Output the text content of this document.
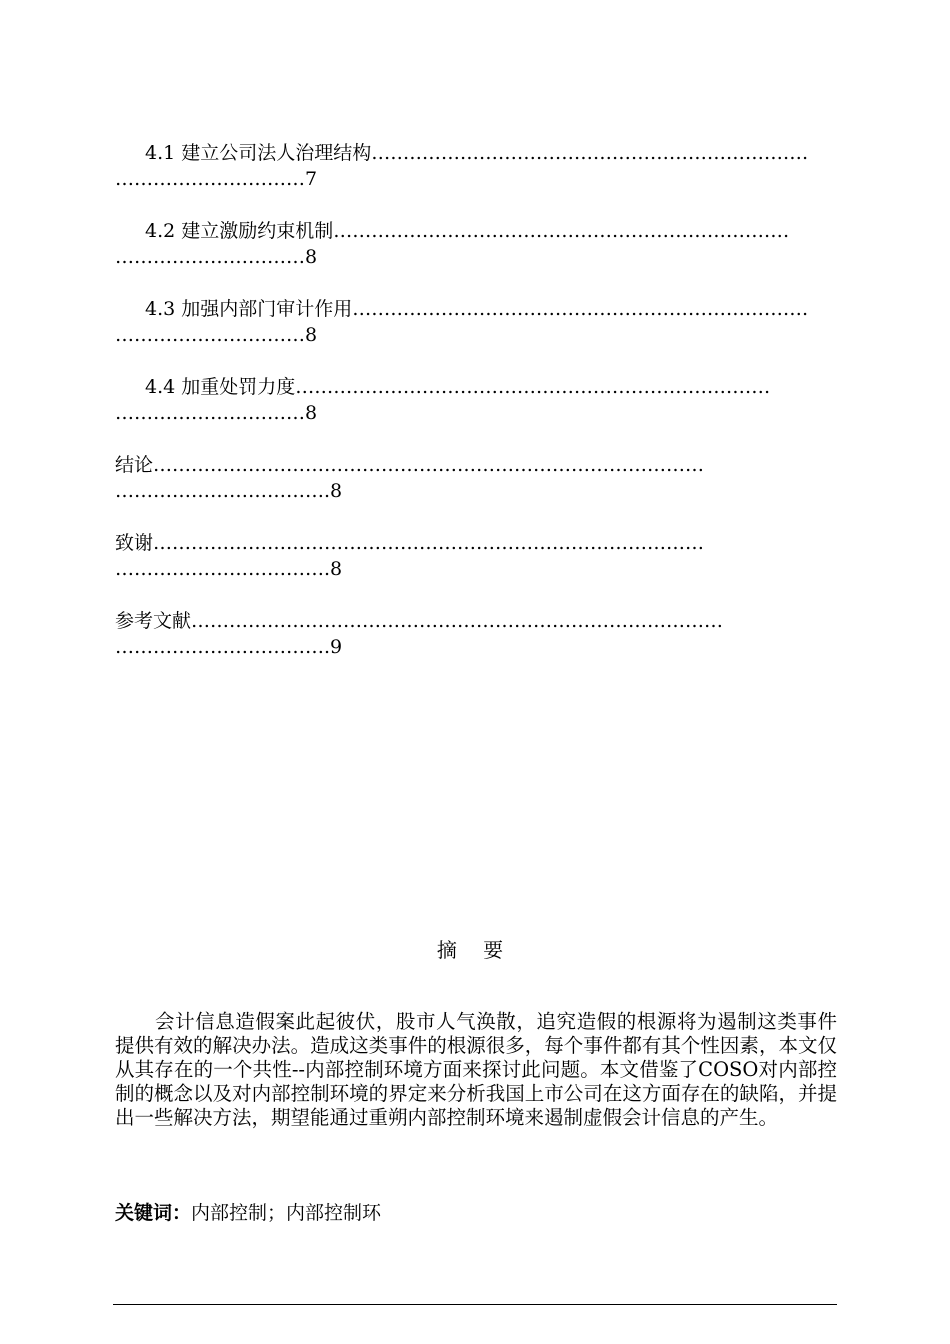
4.1 建立公司法人治理结构……………………………………………………………
…………………………7
4.2 建立激励约束机制………………………………………………………………
…………………………8
4.3 加强内部门审计作用………………………………………………………………
…………………………8
4.4 加重处罚力度…………………………………………………………………
…………………………8
结论……………………………………………………………………………
…………………………….8
致谢……………………………………………………………………………
…………………………….8
参考文献…………………………………………………………………………
…………………………….9
摘 要

会计信息造假案此起彼伏，股市人气涣散，追究造假的根源将为遏制这类事件提供有效的解决办法。造成这类事件的根源很多，每个事件都有其个性因素，本文仅从其存在的一个共性--内部控制环境方面来探讨此问题。本文借鉴了COSO对内部控制的概念以及对内部控制环境的界定来分析我国上市公司在这方面存在的缺陷，并提出一些解决方法，期望能通过重朔内部控制环境来遏制虚假会计信息的产生。

关键词：内部控制；内部控制环
